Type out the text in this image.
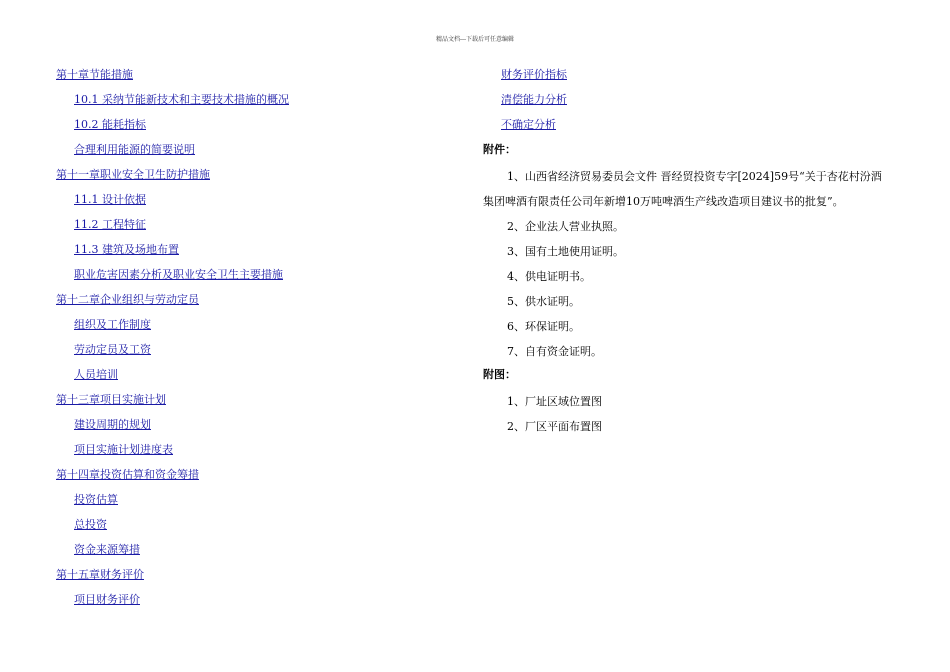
精品文档---下载后可任意编辑
第十章节能措施
10.1 采纳节能新技术和主要技术措施的概况
10.2 能耗指标
合理利用能源的简要说明
第十一章职业安全卫生防护措施
11.1 设计依据
11.2 工程特征
11.3 建筑及场地布置
职业危害因素分析及职业安全卫生主要措施
第十二章企业组织与劳动定员
组织及工作制度
劳动定员及工资
人员培训
第十三章项目实施计划
建设周期的规划
项目实施计划进度表
第十四章投资估算和资金筹措
投资估算
总投资
资金来源筹措
第十五章财务评价
项目财务评价
财务评价指标
清偿能力分析
不确定分析
附件：
1、山西省经济贸易委员会文件 晋经贸投资专字[2024]59号“关于杏花村汾酒
集团啤酒有限责任公司年新增10万吨啤酒生产线改造项目建议书的批复”。
2、企业法人营业执照。
3、国有土地使用证明。
4、供电证明书。
5、供水证明。
6、环保证明。
7、自有资金证明。
附图：
1、厂址区域位置图
2、厂区平面布置图
